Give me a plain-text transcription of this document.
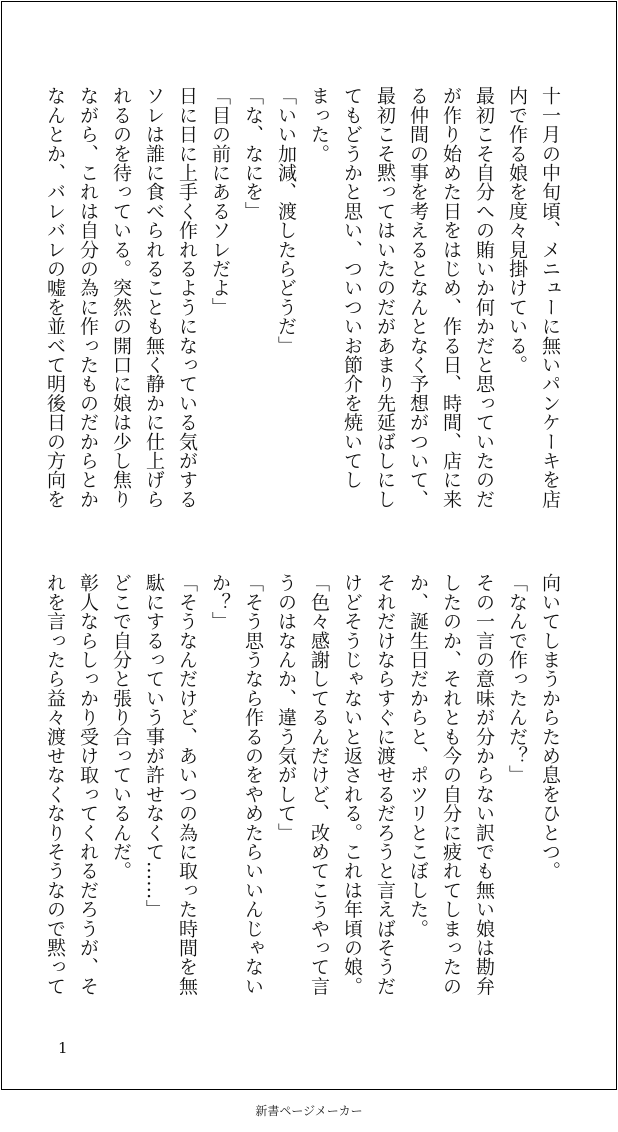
十一月の中旬頃、メニューに無いパンケーキを店
内で作る娘を度々見掛けている。
最初こそ自分への賄いか何かだと思っていたのだ
が作り始めた日をはじめ、作る日、時間、店に来
る仲間の事を考えるとなんとなく予想がついて、
最初こそ黙ってはいたのだがあまり先延ばしにし
てもどうかと思い、ついついお節介を焼いてし
まった。
「いい加減、渡したらどうだ」
「な、なにを」
「目の前にあるソレだよ」
日に日に上手く作れるようになっている気がする
ソレは誰に食べられることも無く静かに仕上げら
れるのを待っている。突然の開口に娘は少し焦り
ながら、これは自分の為に作ったものだからとか
なんとか、バレバレの嘘を並べて明後日の方向を
向いてしまうからため息をひとつ。
「なんで作ったんだ？」
その一言の意味が分からない訳でも無い娘は勘弁
したのか、それとも今の自分に疲れてしまったの
か、誕生日だからと、ポツリとこぼした。
それだけならすぐに渡せるだろうと言えばそうだ
けどそうじゃないと返される。これは年頃の娘。
「色々感謝してるんだけど、改めてこうやって言
うのはなんか、違う気がして」
「そう思うなら作るのをやめたらいいんじゃない
か？」
「そうなんだけど、あいつの為に取った時間を無
駄にするっていう事が許せなくて……」
どこで自分と張り合っているんだ。
彰人ならしっかり受け取ってくれるだろうが、そ
れを言ったら益々渡せなくなりそうなので黙って
1
新書ページメーカー
